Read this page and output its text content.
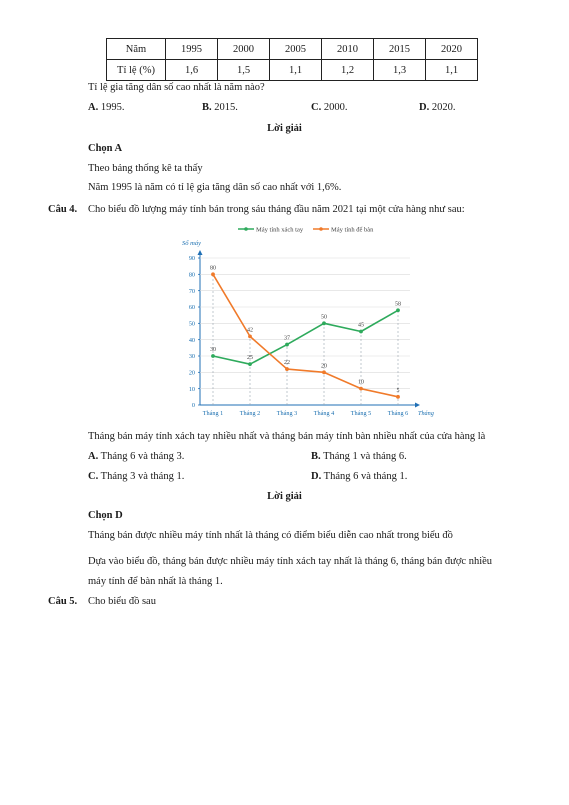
Năm	1995	2000	2005	2010	2015	2020
Tỉ lệ (%)	1,6	1,5	1,1	1,2	1,3	1,1
Tỉ lệ gia tăng dân số cao nhất là năm nào?
A. 1995.	B. 2015.	C. 2000.	D. 2020.
Lời giải
Chọn A
Theo bảng thống kê ta thấy
Năm 1995 là năm có tỉ lệ gia tăng dân số cao nhất với 1,6%.
Câu 4. Cho biểu đồ lượng máy tính bán trong sáu tháng đầu năm 2021 tại một cửa hàng như sau:
Máy tính xách tay	Máy tính để bàn
Số máy
0
10
20
30
40
50
60
70
80
90
Tháng 1	Tháng 2	Tháng 3	Tháng 4	Tháng 5	Tháng 6 Tháng
30
25
37
50
45
58
80
42
22
20
10
5
Tháng bán máy tính xách tay nhiều nhất và tháng bán máy tính bàn nhiều nhất của cửa hàng là
A. Tháng 6 và tháng 3.	B. Tháng 1 và tháng 6.
C. Tháng 3 và tháng 1.	D. Tháng 6 và tháng 1.
Lời giải
Chọn D
Tháng bán được nhiều máy tính nhất là tháng có điểm biểu diễn cao nhất trong biểu đồ
Dựa vào biểu đồ, tháng bán được nhiều máy tính xách tay nhất là tháng 6, tháng bán được nhiều
máy tính để bàn nhất là tháng 1.
Câu 5. Cho biểu đồ sau
